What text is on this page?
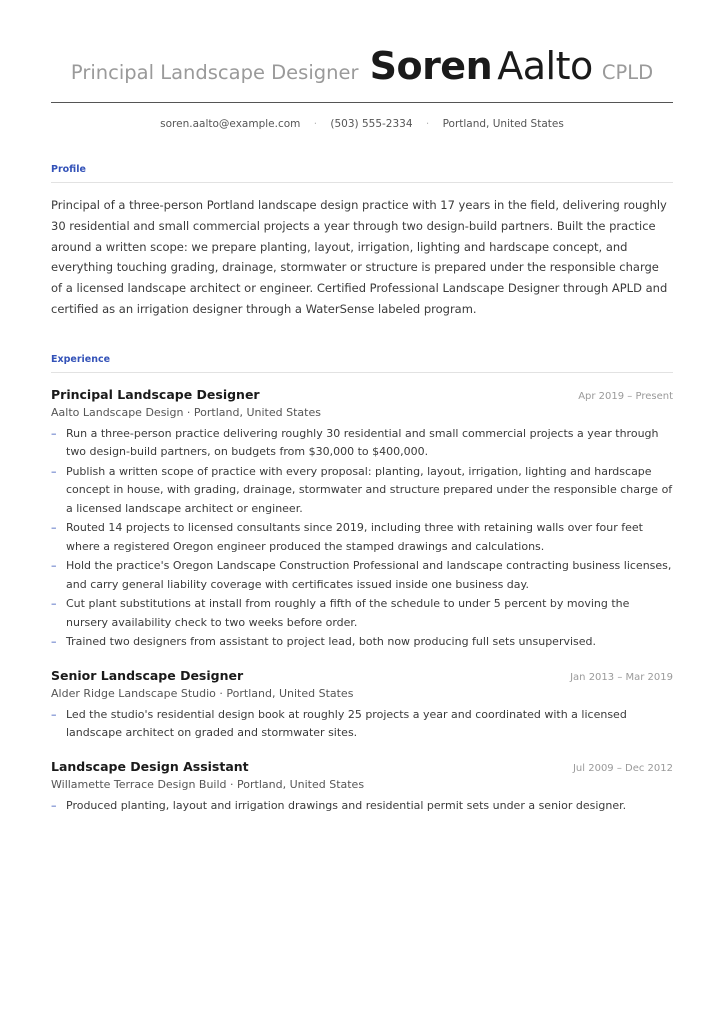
Principal Landscape Designer Soren Aalto CPLD
soren.aalto@example.com · (503) 555-2334 · Portland, United States
Profile
Principal of a three-person Portland landscape design practice with 17 years in the field, delivering roughly 30 residential and small commercial projects a year through two design-build partners. Built the practice around a written scope: we prepare planting, layout, irrigation, lighting and hardscape concept, and everything touching grading, drainage, stormwater or structure is prepared under the responsible charge of a licensed landscape architect or engineer. Certified Professional Landscape Designer through APLD and certified as an irrigation designer through a WaterSense labeled program.
Experience
Principal Landscape Designer	Apr 2019 – Present
Aalto Landscape Design · Portland, United States
– Run a three-person practice delivering roughly 30 residential and small commercial projects a year through two design-build partners, on budgets from $30,000 to $400,000.
– Publish a written scope of practice with every proposal: planting, layout, irrigation, lighting and hardscape concept in house, with grading, drainage, stormwater and structure prepared under the responsible charge of a licensed landscape architect or engineer.
– Routed 14 projects to licensed consultants since 2019, including three with retaining walls over four feet where a registered Oregon engineer produced the stamped drawings and calculations.
– Hold the practice's Oregon Landscape Construction Professional and landscape contracting business licenses, and carry general liability coverage with certificates issued inside one business day.
– Cut plant substitutions at install from roughly a fifth of the schedule to under 5 percent by moving the nursery availability check to two weeks before order.
– Trained two designers from assistant to project lead, both now producing full sets unsupervised.
Senior Landscape Designer	Jan 2013 – Mar 2019
Alder Ridge Landscape Studio · Portland, United States
– Led the studio's residential design book at roughly 25 projects a year and coordinated with a licensed landscape architect on graded and stormwater sites.
Landscape Design Assistant	Jul 2009 – Dec 2012
Willamette Terrace Design Build · Portland, United States
– Produced planting, layout and irrigation drawings and residential permit sets under a senior designer.
